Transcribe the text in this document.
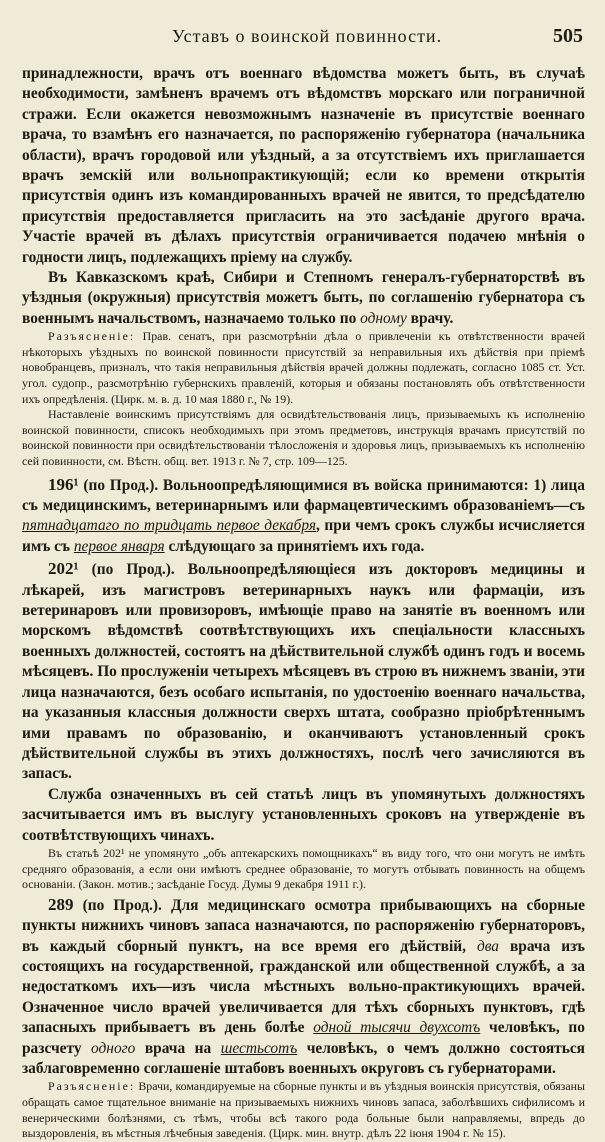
Уставъ о воинской повинности.	505

принадлежности, врачъ отъ военнаго вѣдомства можетъ быть, въ случаѣ необходимости, замѣненъ врачемъ отъ вѣдомствъ морскаго или пограничной стражи. Если окажется невозможнымъ назначеніе въ присутствіе военнаго врача, то взамѣнъ его назначается, по распоряженію губернатора (начальника области), врачъ городовой или уѣздный, а за отсутствіемъ ихъ приглашается врачъ земскій или вольнопрактикующій; если ко времени открытія присутствія одинъ изъ командированныхъ врачей не явится, то предсѣдателю присутствія предоставляется пригласить на это засѣданіе другого врача. Участіе врачей въ дѣлахъ присутствія ограничивается подачею мнѣнія о годности лицъ, подлежащихъ пріему на службу.

Въ Кавказскомъ краѣ, Сибири и Степномъ генералъ-губернаторствѣ въ уѣздныя (окружныя) присутствія можетъ быть, по соглашенію губернатора съ военнымъ начальствомъ, назначаемо только по одному врачу.

Разъясненіе: Прав. сенатъ, при разсмотрѣніи дѣла о привлеченіи къ отвѣтственности врачей нѣкоторыхъ уѣздныхъ по воинской повинности присутствій за неправильныя ихъ дѣйствія при пріемѣ новобранцевъ, призналъ, что такія неправильныя дѣйствія врачей должны подлежать, согласно 1085 ст. Уст. угол. судопр., разсмотрѣнію губернскихъ правленій, которыя и обязаны постановлять объ отвѣтственности ихъ опредѣленія. (Цирк. м. в. д. 10 мая 1880 г., № 19).

Наставленіе воинскимъ присутствіямъ для освидѣтельствованія лицъ, призываемыхъ къ исполненію воинской повинности, списокъ необходимыхъ при этомъ предметовъ, инструкція врачамъ присутствій по воинской повинности при освидѣтельствованіи тѣлосложенія и здоровья лицъ, призываемыхъ къ исполненію сей повинности, см. Вѣстн. общ. вет. 1913 г. № 7, стр. 109—125.

196¹ (по Прод.). Вольноопредѣляющимися въ войска принимаются: 1) лица съ медицинскимъ, ветеринарнымъ или фармацевтическимъ образованіемъ—съ пятнадцатаго по тридцать первое декабря, при чемъ срокъ службы исчисляется имъ съ первое января слѣдующаго за принятіемъ ихъ года.

202¹ (по Прод.). Вольноопредѣляющіеся изъ докторовъ медицины и лѣкарей, изъ магистровъ ветеринарныхъ наукъ или фармаціи, изъ ветеринаровъ или провизоровъ, имѣющіе право на занятіе въ военномъ или морскомъ вѣдомствѣ соотвѣтствующихъ ихъ спеціальности классныхъ военныхъ должностей, состоятъ на дѣйствительной службѣ одинъ годъ и восемь мѣсяцевъ. По прослуженіи четырехъ мѣсяцевъ въ строю въ нижнемъ званіи, эти лица назначаются, безъ особаго испытанія, по удостоенію военнаго начальства, на указанныя классныя должности сверхъ штата, сообразно пріобрѣтеннымъ ими правамъ по образованію, и оканчиваютъ установленный срокъ дѣйствительной службы въ этихъ должностяхъ, послѣ чего зачисляются въ запасъ.

Служба означенныхъ въ сей статьѣ лицъ въ упомянутыхъ должностяхъ засчитывается имъ въ выслугу установленныхъ сроковъ на утвержденіе въ соотвѣтствующихъ чинахъ.

Въ статьѣ 202¹ не упомянуто „объ аптекарскихъ помощникахъ“ въ виду того, что они могутъ не имѣть средняго образованія, а если они имѣютъ среднее образованіе, то могутъ отбывать повинность на общемъ основаніи. (Закон. мотив.; засѣданіе Госуд. Думы 9 декабря 1911 г.).

289 (по Прод.). Для медицинскаго осмотра прибывающихъ на сборные пункты нижнихъ чиновъ запаса назначаются, по распоряженію губернаторовъ, въ каждый сборный пунктъ, на все время его дѣйствій, два врача изъ состоящихъ на государственной, гражданской или общественной службѣ, а за недостаткомъ ихъ—изъ числа мѣстныхъ вольно-практикующихъ врачей. Означенное число врачей увеличивается для тѣхъ сборныхъ пунктовъ, гдѣ запасныхъ прибываетъ въ день болѣе одной тысячи двухсотъ человѣкъ, по разсчету одного врача на шестьсотъ человѣкъ, о чемъ должно состояться заблаговременно соглашеніе штабовъ военныхъ округовъ съ губернаторами.

Разъясненіе: Врачи, командируемые на сборные пункты и въ уѣздныя воинскія присутствія, обязаны обращать самое тщательное вниманіе на призываемыхъ нижнихъ чиновъ запаса, заболѣвшихъ сифилисомъ и венерическими болѣзнями, съ тѣмъ, чтобы всѣ такого рода больные были направляемы, впредь до выздоровленія, въ мѣстныя лѣчебныя заведенія. (Цирк. мин. внутр. дѣлъ 22 іюня 1904 г. № 15).
